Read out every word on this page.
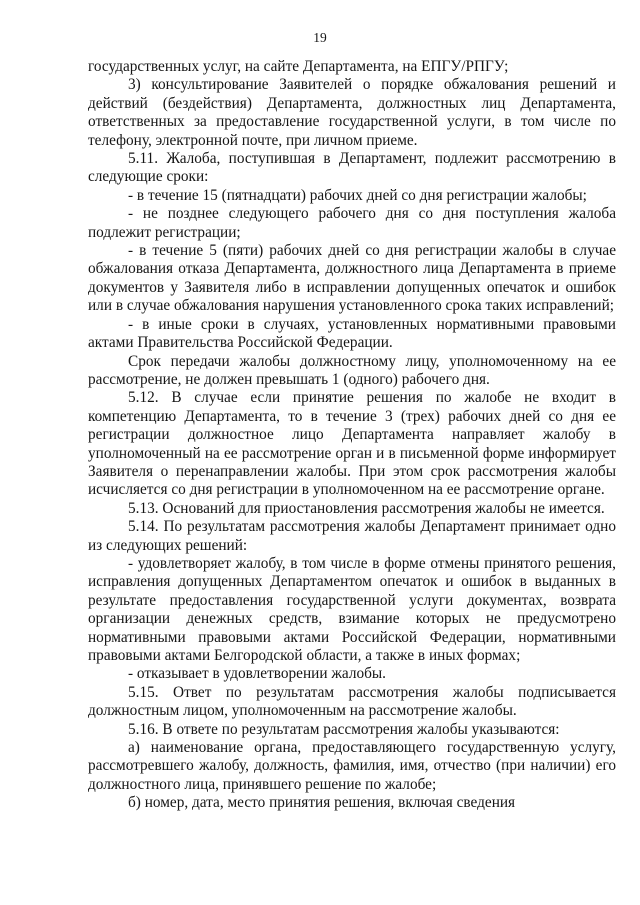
19

государственных услуг, на сайте Департамента, на ЕПГУ/РПГУ;

3) консультирование Заявителей о порядке обжалования решений и действий (бездействия) Департамента, должностных лиц Департамента, ответственных за предоставление государственной услуги, в том числе по телефону, электронной почте, при личном приеме.

5.11. Жалоба, поступившая в Департамент, подлежит рассмотрению в следующие сроки:

- в течение 15 (пятнадцати) рабочих дней со дня регистрации жалобы;

- не позднее следующего рабочего дня со дня поступления жалоба подлежит регистрации;

- в течение 5 (пяти) рабочих дней со дня регистрации жалобы в случае обжалования отказа Департамента, должностного лица Департамента в приеме документов у Заявителя либо в исправлении допущенных опечаток и ошибок или в случае обжалования нарушения установленного срока таких исправлений;

- в иные сроки в случаях, установленных нормативными правовыми актами Правительства Российской Федерации.

Срок передачи жалобы должностному лицу, уполномоченному на ее рассмотрение, не должен превышать 1 (одного) рабочего дня.

5.12. В случае если принятие решения по жалобе не входит в компетенцию Департамента, то в течение 3 (трех) рабочих дней со дня ее регистрации должностное лицо Департамента направляет жалобу в уполномоченный на ее рассмотрение орган и в письменной форме информирует Заявителя о перенаправлении жалобы. При этом срок рассмотрения жалобы исчисляется со дня регистрации в уполномоченном на ее рассмотрение органе.

5.13. Оснований для приостановления рассмотрения жалобы не имеется.

5.14. По результатам рассмотрения жалобы Департамент принимает одно из следующих решений:

- удовлетворяет жалобу, в том числе в форме отмены принятого решения, исправления допущенных Департаментом опечаток и ошибок в выданных в результате предоставления государственной услуги документах, возврата организации денежных средств, взимание которых не предусмотрено нормативными правовыми актами Российской Федерации, нормативными правовыми актами Белгородской области, а также в иных формах;

- отказывает в удовлетворении жалобы.

5.15. Ответ по результатам рассмотрения жалобы подписывается должностным лицом, уполномоченным на рассмотрение жалобы.

5.16. В ответе по результатам рассмотрения жалобы указываются:

а) наименование органа, предоставляющего государственную услугу, рассмотревшего жалобу, должность, фамилия, имя, отчество (при наличии) его должностного лица, принявшего решение по жалобе;

б) номер, дата, место принятия решения, включая сведения
